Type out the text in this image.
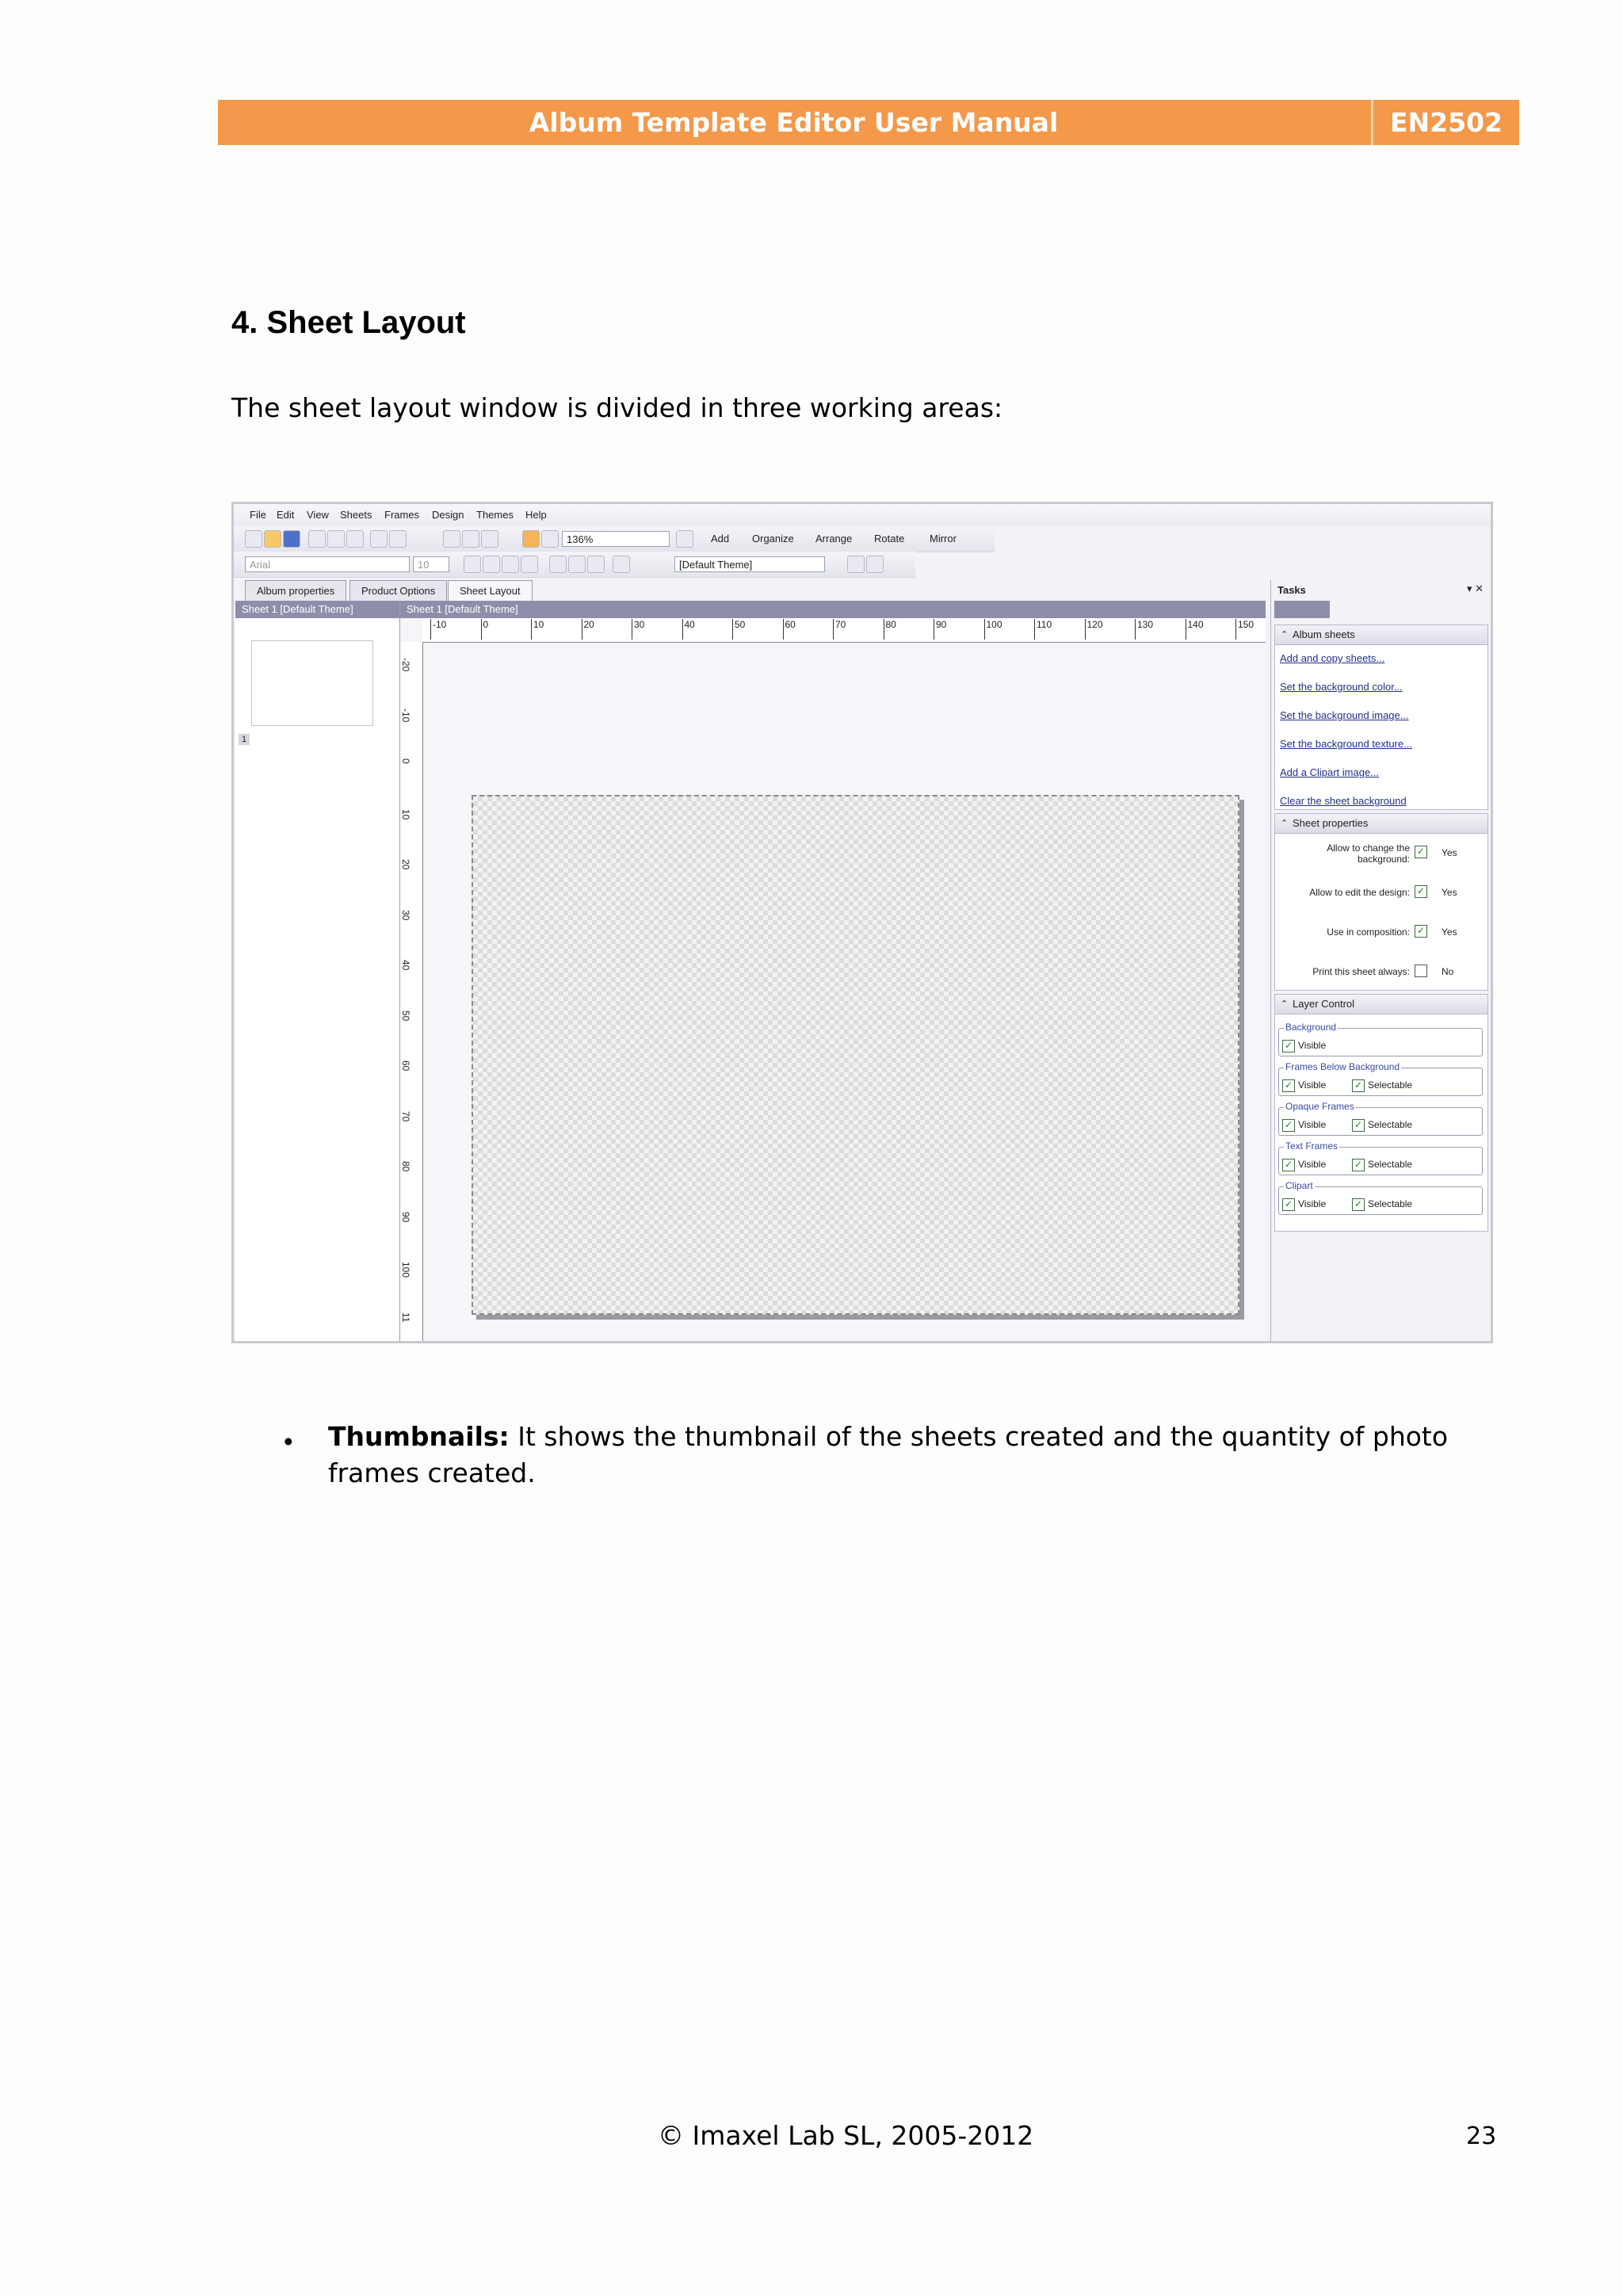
Album Template Editor User Manual	EN2502
4. Sheet Layout
The sheet layout window is divided in three working areas:
File Edit View Sheets Frames Design Themes Help
136%	Add Organize Arrange Rotate Mirror
Arial	10	[Default Theme]
Album properties	Product Options	Sheet Layout
Sheet 1 [Default Theme]
1
Sheet 1 [Default Theme]
-10	0	10	20	30	40	50	60	70	80	90	100	110	120	130	140	150
-20
-10
0
10
20
30
40
50
60
70
80
90
100
11
Tasks	▾ ✕
⌃ Album sheets
Add and copy sheets...
Set the background color...
Set the background image...
Set the background texture...
Add a Clipart image...
Clear the sheet background
⌃ Sheet properties
Allow to change the background:
✓ Yes
Allow to edit the design: ✓ Yes
Use in composition: ✓ Yes
Print this sheet always:	No
⌃ Layer Control
Background
✓ Visible
Frames Below Background
✓ Visible	✓ Selectable
Opaque Frames
✓ Visible	✓ Selectable
Text Frames
✓ Visible	✓ Selectable
Clipart
✓ Visible	✓ Selectable
• Thumbnails: It shows the thumbnail of the sheets created and the quantity of photo frames created.
© Imaxel Lab SL, 2005-2012	23
